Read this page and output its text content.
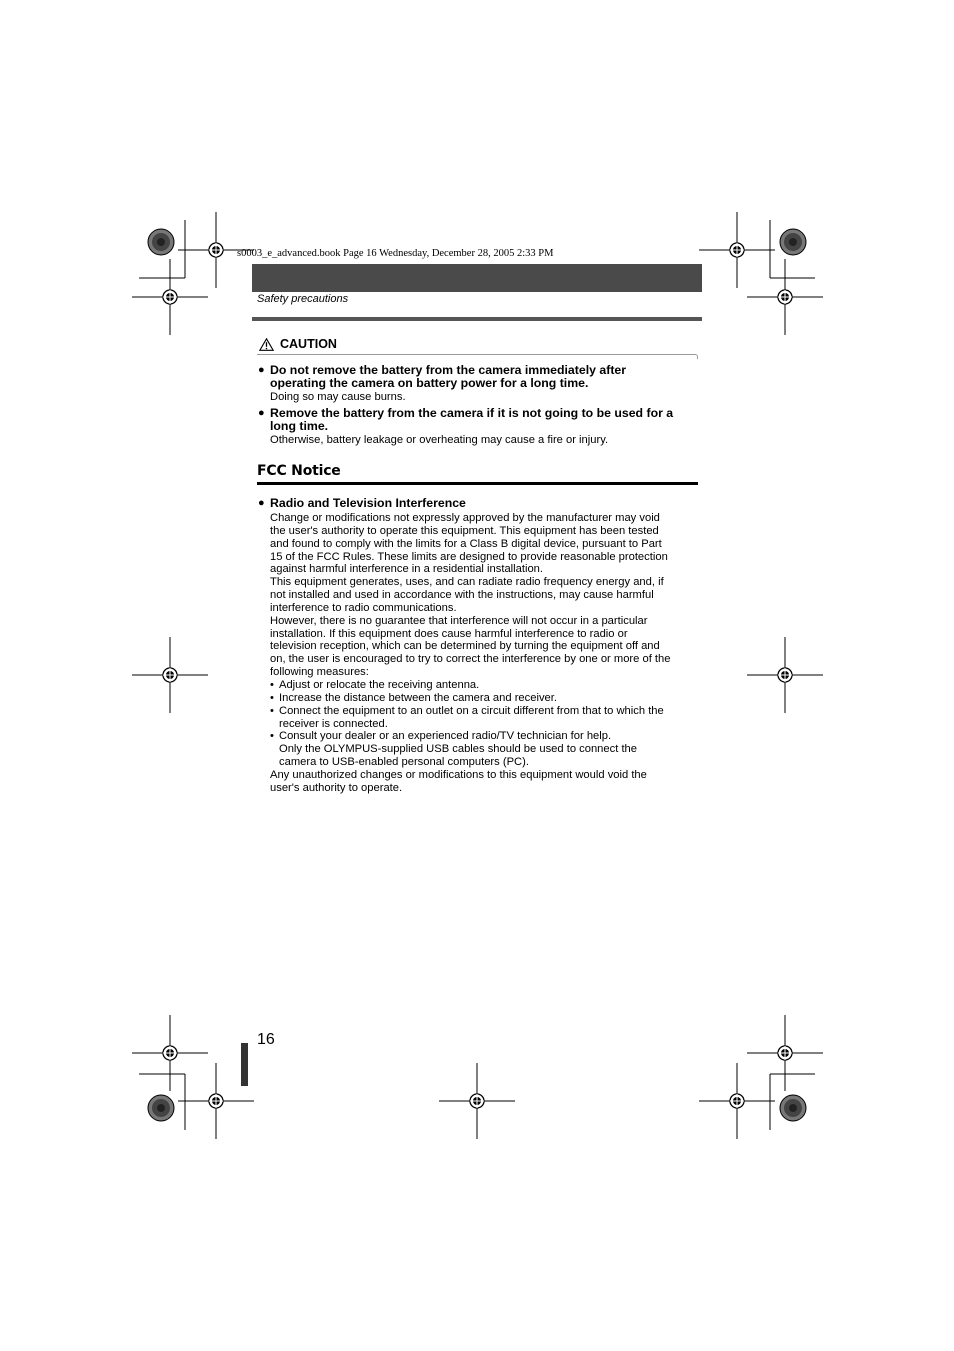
s0003_e_advanced.book Page 16 Wednesday, December 28, 2005 2:33 PM
Safety precautions
CAUTION
● Do not remove the battery from the camera immediately after
operating the camera on battery power for a long time.
Doing so may cause burns.
● Remove the battery from the camera if it is not going to be used for a
long time.
Otherwise, battery leakage or overheating may cause a fire or injury.
FCC Notice
● Radio and Television Interference
Change or modifications not expressly approved by the manufacturer may void
the user's authority to operate this equipment. This equipment has been tested
and found to comply with the limits for a Class B digital device, pursuant to Part
15 of the FCC Rules. These limits are designed to provide reasonable protection
against harmful interference in a residential installation.
This equipment generates, uses, and can radiate radio frequency energy and, if
not installed and used in accordance with the instructions, may cause harmful
interference to radio communications.
However, there is no guarantee that interference will not occur in a particular
installation. If this equipment does cause harmful interference to radio or
television reception, which can be determined by turning the equipment off and
on, the user is encouraged to try to correct the interference by one or more of the
following measures:
• Adjust or relocate the receiving antenna.
• Increase the distance between the camera and receiver.
• Connect the equipment to an outlet on a circuit different from that to which the
receiver is connected.
• Consult your dealer or an experienced radio/TV technician for help.
Only the OLYMPUS-supplied USB cables should be used to connect the
camera to USB-enabled personal computers (PC).
Any unauthorized changes or modifications to this equipment would void the
user's authority to operate.
16
